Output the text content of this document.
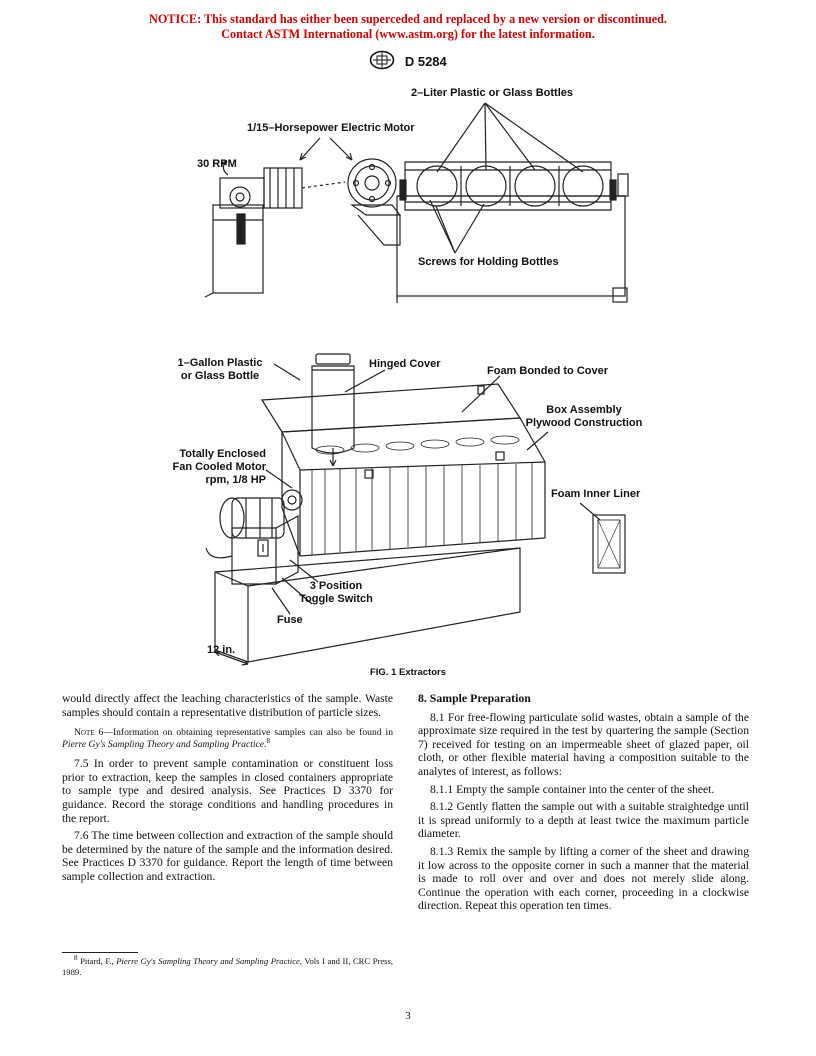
NOTICE: This standard has either been superceded and replaced by a new version or discontinued.
Contact ASTM International (www.astm.org) for the latest information.
D 5284
2–Liter Plastic or Glass Bottles
1/15–Horsepower Electric Motor
30 RPM
Screws for Holding Bottles
1–Gallon Plastic
or Glass Bottle
Hinged Cover
Foam Bonded to Cover
Box Assembly
Plywood Construction
Totally Enclosed
Fan Cooled Motor
rpm, 1/8 HP
Foam Inner Liner
3 Position
Toggle Switch
Fuse
12 in.
FIG. 1 Extractors

would directly affect the leaching characteristics of the sample. Waste samples should contain a representative distribution of particle sizes.

Note 6—Information on obtaining representative samples can also be found in Pierre Gy's Sampling Theory and Sampling Practice.$^8$

7.5 In order to prevent sample contamination or constituent loss prior to extraction, keep the samples in closed containers appropriate to sample type and desired analysis. See Practices D 3370 for guidance. Record the storage conditions and handling procedures in the report.

7.6 The time between collection and extraction of the sample should be determined by the nature of the sample and the information desired. See Practices D 3370 for guidance. Report the length of time between sample collection and extraction.

$^8$ Pitard, F., Pierre Gy's Sampling Theory and Sampling Practice, Vols I and II, CRC Press, 1989.
8. Sample Preparation

8.1 For free-flowing particulate solid wastes, obtain a sample of the approximate size required in the test by quartering the sample (Section 7) received for testing on an impermeable sheet of glazed paper, oil cloth, or other flexible material having a composition suitable to the analytes of interest, as follows:

8.1.1 Empty the sample container into the center of the sheet.

8.1.2 Gently flatten the sample out with a suitable straightedge until it is spread uniformly to a depth at least twice the maximum particle diameter.

8.1.3 Remix the sample by lifting a corner of the sheet and drawing it low across to the opposite corner in such a manner that the material is made to roll over and over and does not merely slide along. Continue the operation with each corner, proceeding in a clockwise direction. Repeat this operation ten times.

3
